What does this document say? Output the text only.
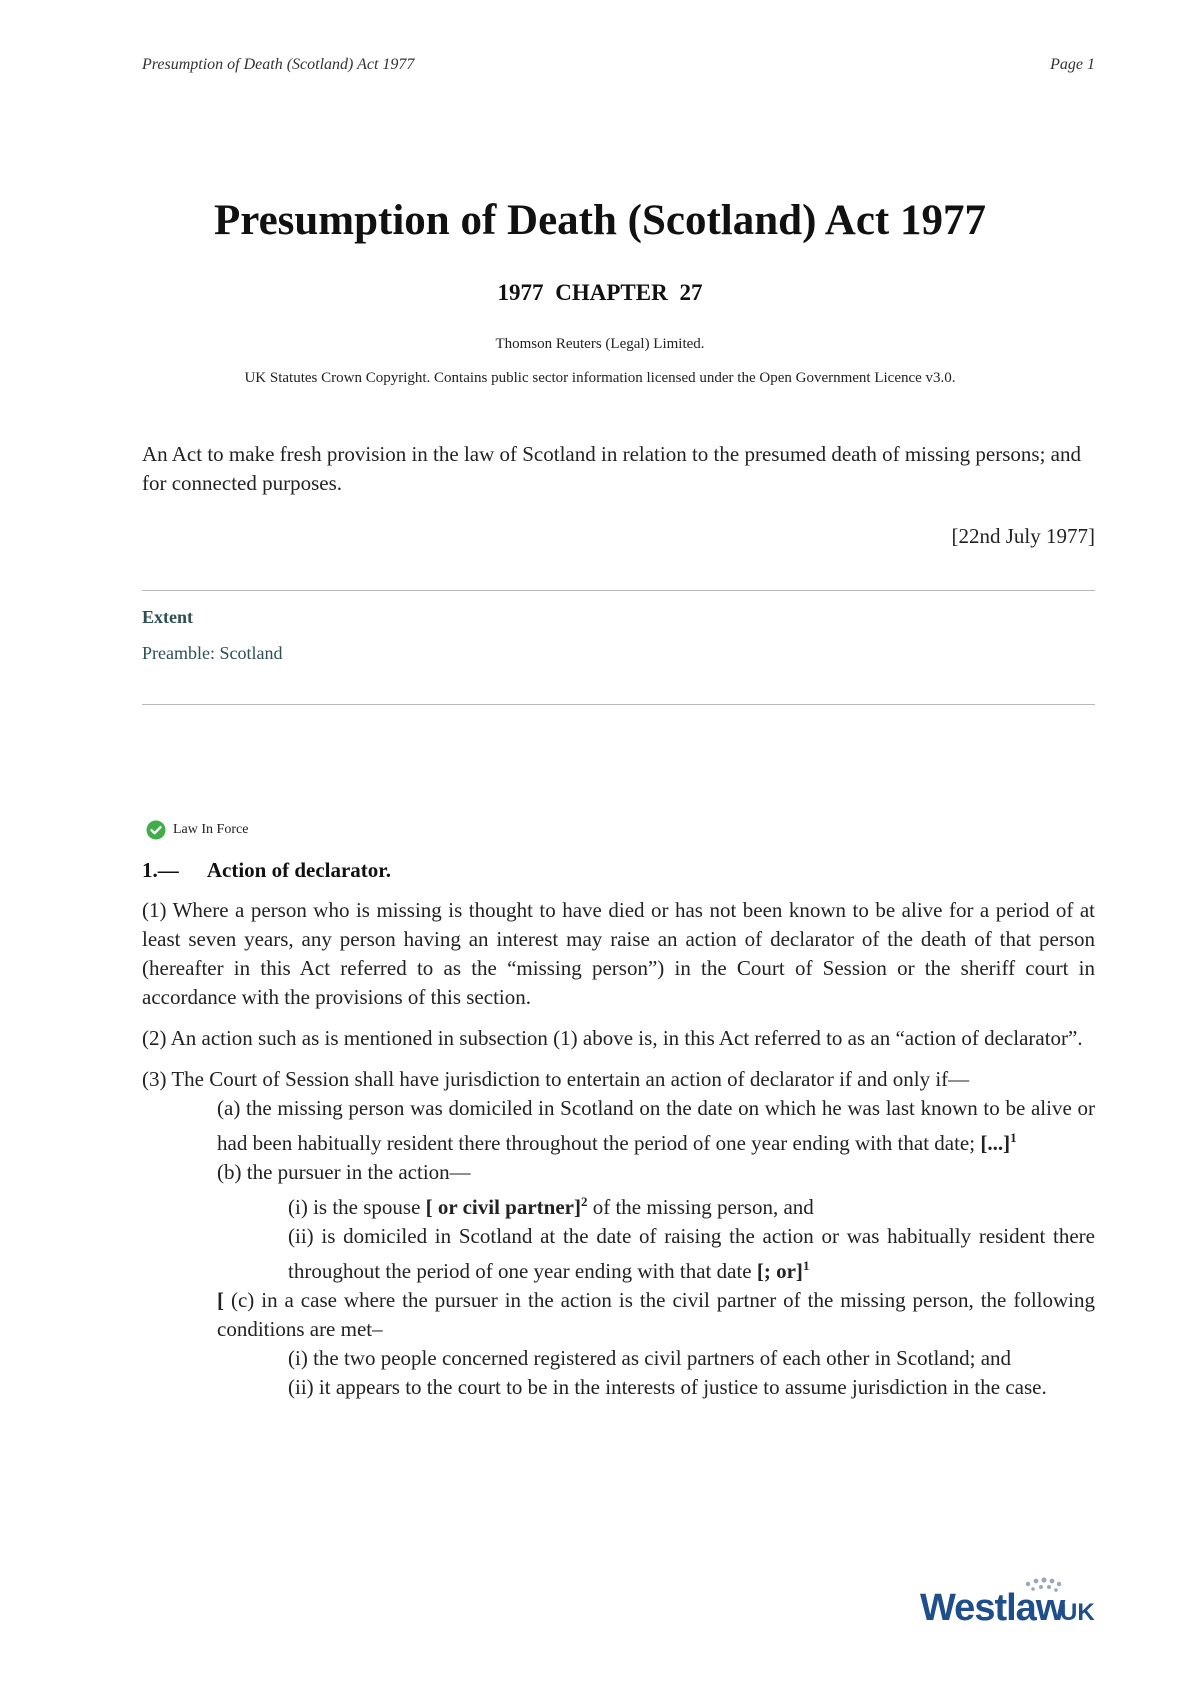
Presumption of Death (Scotland) Act 1977	Page 1
Presumption of Death (Scotland) Act 1977
1977 CHAPTER 27
Thomson Reuters (Legal) Limited.
UK Statutes Crown Copyright. Contains public sector information licensed under the Open Government Licence v3.0.
An Act to make fresh provision in the law of Scotland in relation to the presumed death of missing persons; and for connected purposes.
[22nd July 1977]
Extent
Preamble: Scotland
Law In Force
1.— Action of declarator.

(1) Where a person who is missing is thought to have died or has not been known to be alive for a period of at least seven years, any person having an interest may raise an action of declarator of the death of that person (hereafter in this Act referred to as the “missing person”) in the Court of Session or the sheriff court in accordance with the provisions of this section.

(2) An action such as is mentioned in subsection (1) above is, in this Act referred to as an “action of declarator”.

(3) The Court of Session shall have jurisdiction to entertain an action of declarator if and only if—

(a) the missing person was domiciled in Scotland on the date on which he was last known to be alive or had been habitually resident there throughout the period of one year ending with that date; [...]$^1$

(b) the pursuer in the action—

(i) is the spouse [ or civil partner]$^2$ of the missing person, and

(ii) is domiciled in Scotland at the date of raising the action or was habitually resident there throughout the period of one year ending with that date [; or]$^1$

[ (c) in a case where the pursuer in the action is the civil partner of the missing person, the following conditions are met–

(i) the two people concerned registered as civil partners of each other in Scotland; and

(ii) it appears to the court to be in the interests of justice to assume jurisdiction in the case.

Westlaw
UK
